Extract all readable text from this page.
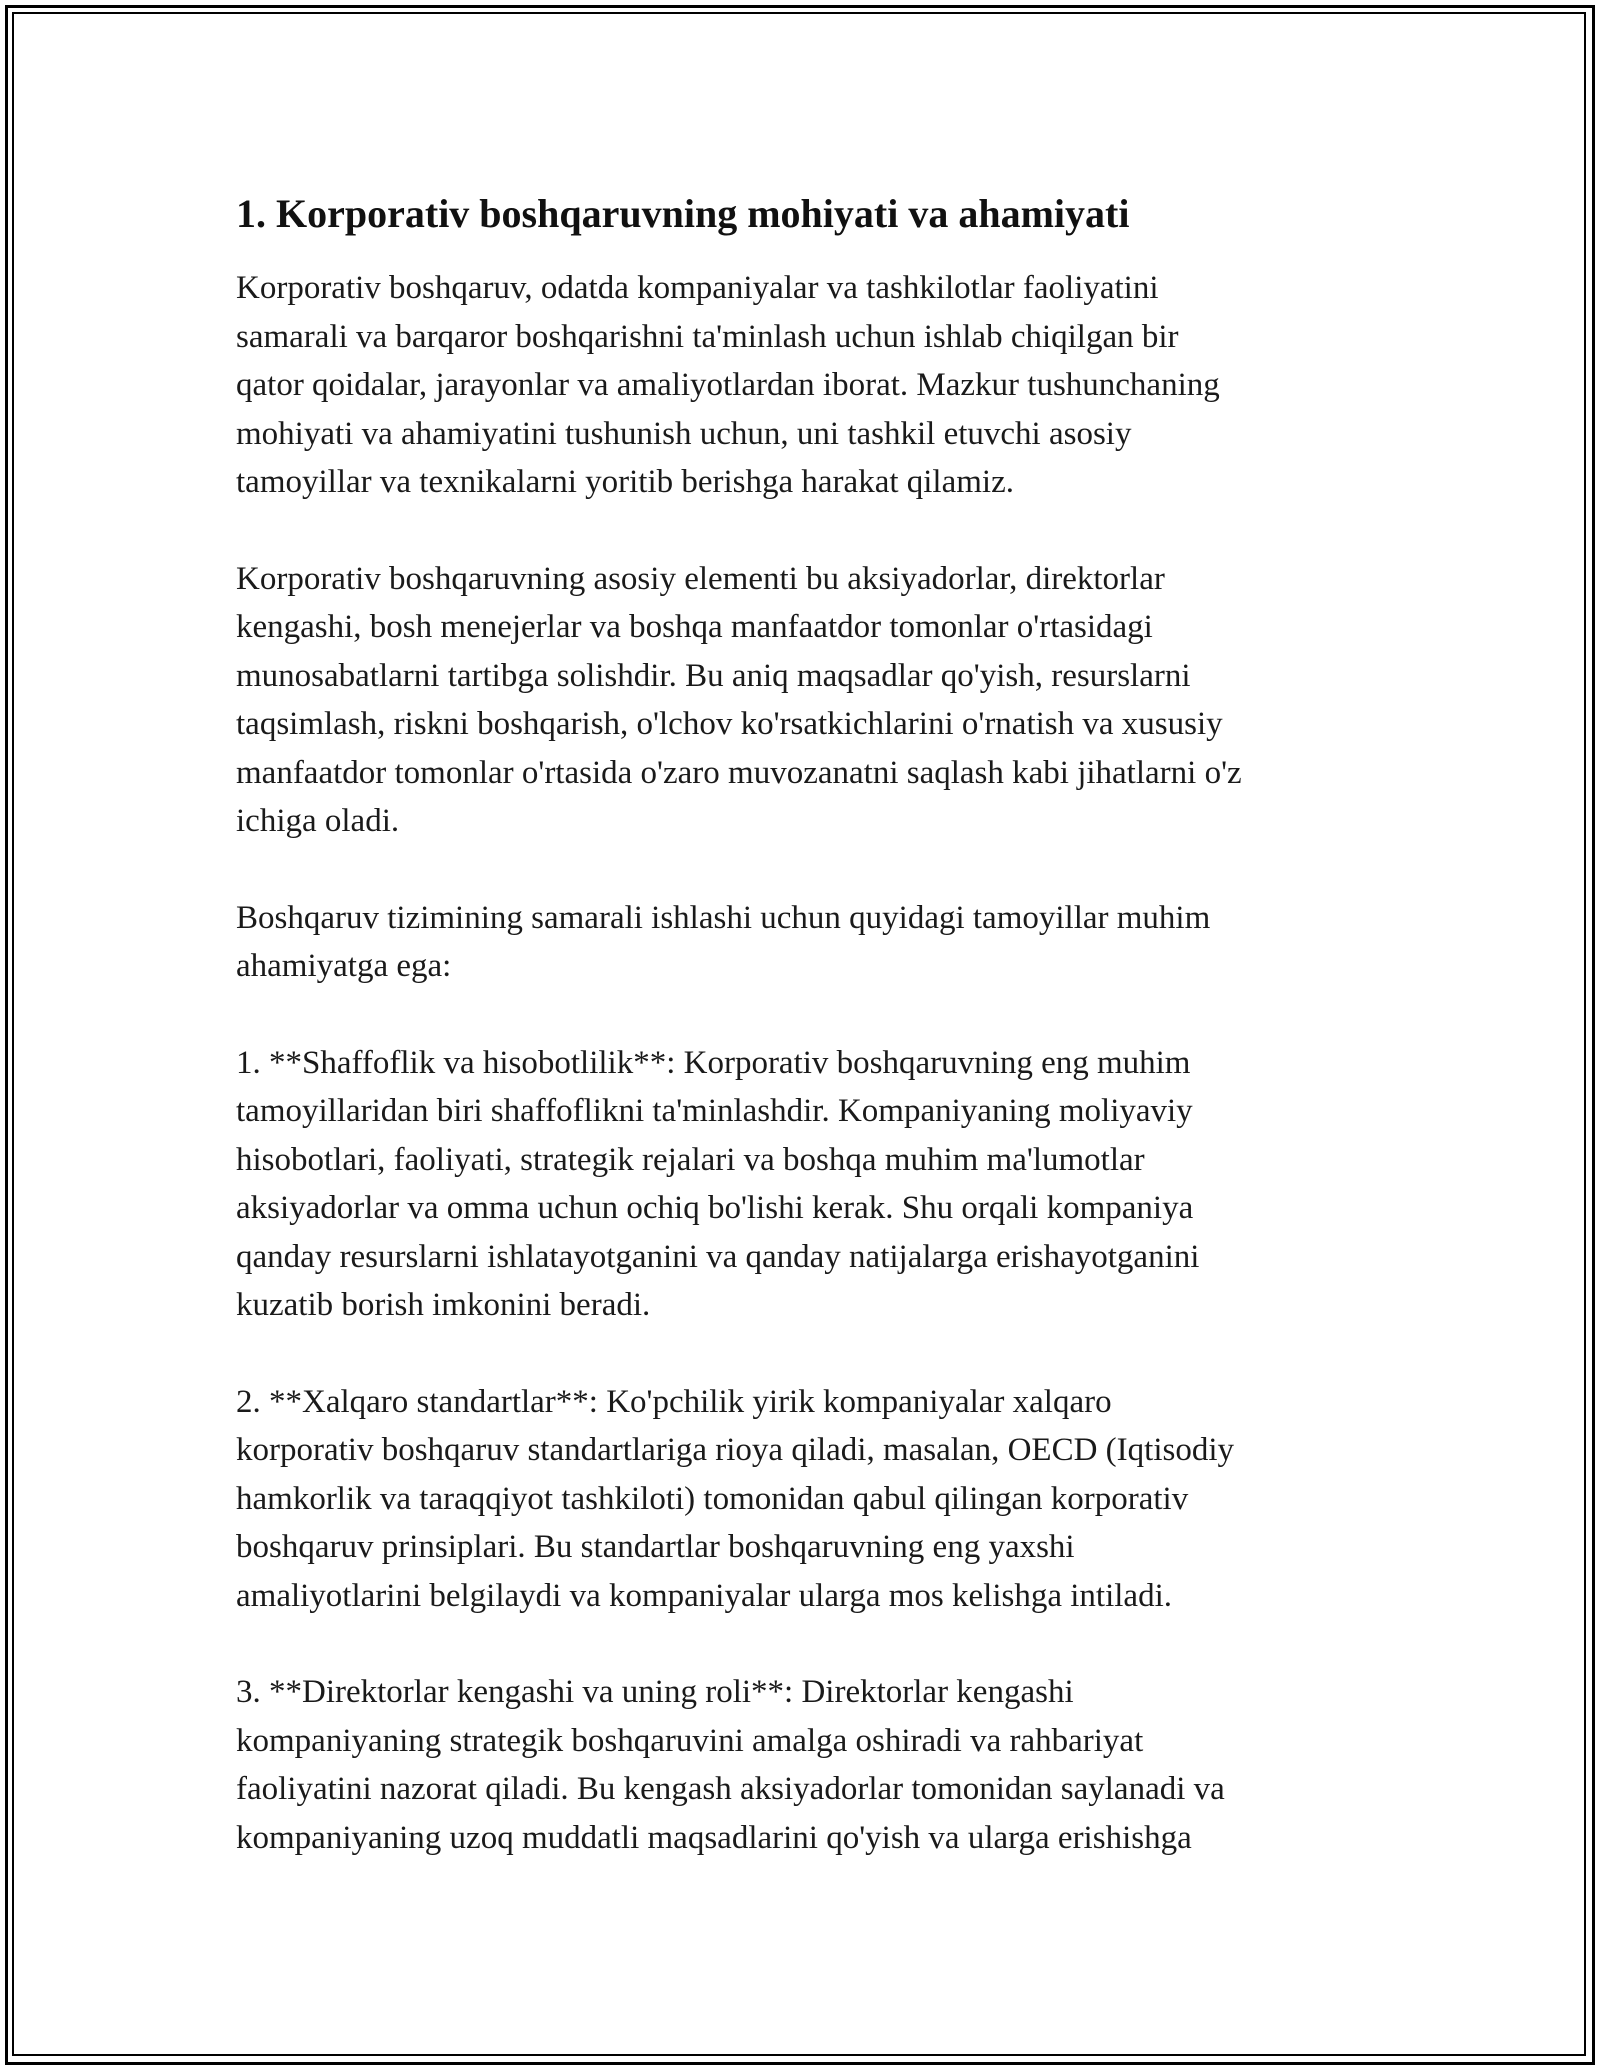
1. Korporativ boshqaruvning mohiyati va ahamiyati

Korporativ boshqaruv, odatda kompaniyalar va tashkilotlar faoliyatini
samarali va barqaror boshqarishni ta'minlash uchun ishlab chiqilgan bir
qator qoidalar, jarayonlar va amaliyotlardan iborat. Mazkur tushunchaning
mohiyati va ahamiyatini tushunish uchun, uni tashkil etuvchi asosiy
tamoyillar va texnikalarni yoritib berishga harakat qilamiz.

Korporativ boshqaruvning asosiy elementi bu aksiyadorlar, direktorlar
kengashi, bosh menejerlar va boshqa manfaatdor tomonlar o'rtasidagi
munosabatlarni tartibga solishdir. Bu aniq maqsadlar qo'yish, resurslarni
taqsimlash, riskni boshqarish, o'lchov ko'rsatkichlarini o'rnatish va xususiy
manfaatdor tomonlar o'rtasida o'zaro muvozanatni saqlash kabi jihatlarni o'z
ichiga oladi.

Boshqaruv tizimining samarali ishlashi uchun quyidagi tamoyillar muhim
ahamiyatga ega:

1. **Shaffoflik va hisobotlilik**: Korporativ boshqaruvning eng muhim
tamoyillaridan biri shaffoflikni ta'minlashdir. Kompaniyaning moliyaviy
hisobotlari, faoliyati, strategik rejalari va boshqa muhim ma'lumotlar
aksiyadorlar va omma uchun ochiq bo'lishi kerak. Shu orqali kompaniya
qanday resurslarni ishlatayotganini va qanday natijalarga erishayotganini
kuzatib borish imkonini beradi.

2. **Xalqaro standartlar**: Ko'pchilik yirik kompaniyalar xalqaro
korporativ boshqaruv standartlariga rioya qiladi, masalan, OECD (Iqtisodiy
hamkorlik va taraqqiyot tashkiloti) tomonidan qabul qilingan korporativ
boshqaruv prinsiplari. Bu standartlar boshqaruvning eng yaxshi
amaliyotlarini belgilaydi va kompaniyalar ularga mos kelishga intiladi.

3. **Direktorlar kengashi va uning roli**: Direktorlar kengashi
kompaniyaning strategik boshqaruvini amalga oshiradi va rahbariyat
faoliyatini nazorat qiladi. Bu kengash aksiyadorlar tomonidan saylanadi va
kompaniyaning uzoq muddatli maqsadlarini qo'yish va ularga erishishga
